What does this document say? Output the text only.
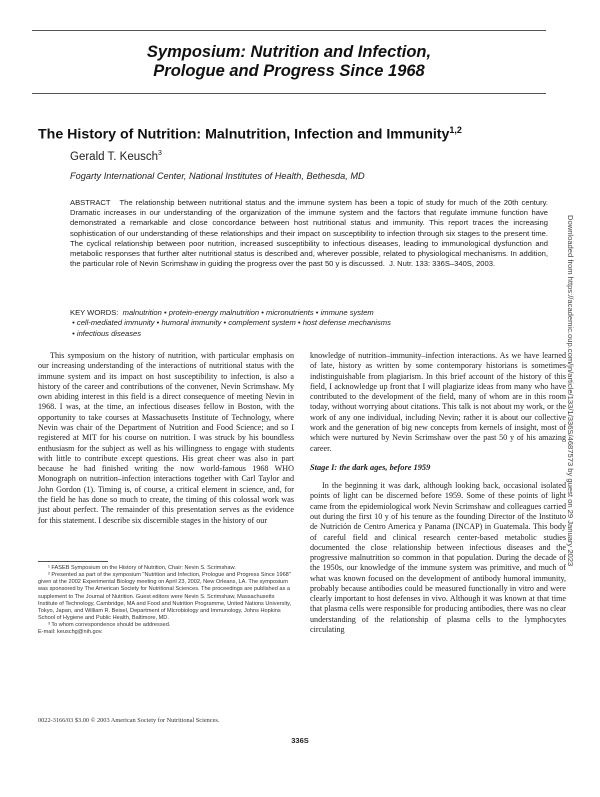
Symposium: Nutrition and Infection,
Prologue and Progress Since 1968
The History of Nutrition: Malnutrition, Infection and Immunity$^{1,2}$
Gerald T. Keusch$^3$
Fogarty International Center, National Institutes of Health, Bethesda, MD
ABSTRACT The relationship between nutritional status and the immune system has been a topic of study for much of the 20th century. Dramatic increases in our understanding of the organization of the immune system and the factors that regulate immune function have demonstrated a remarkable and close concordance between host nutritional status and immunity. This report traces the increasing sophistication of our understanding of these relationships and their impact on susceptibility to infection through six stages to the present time. The cyclical relationship between poor nutrition, increased susceptibility to infectious diseases, leading to immunological dysfunction and metabolic responses that further alter nutritional status is described and, wherever possible, related to physiological mechanisms. In addition, the particular role of Nevin Scrimshaw in guiding the progress over the past 50 y is discussed. J. Nutr. 133: 336S–340S, 2003.
KEY WORDS: malnutrition • protein-energy malnutrition • micronutrients • immune system
• cell-mediated immunity • humoral immunity • complement system • host defense mechanisms
• infectious diseases

This symposium on the history of nutrition, with particular emphasis on our increasing understanding of the interactions of nutritional status with the immune system and its impact on host susceptibility to infection, is also a history of the career and contributions of the convener, Nevin Scrimshaw. My own abiding interest in this field is a direct consequence of meeting Nevin in 1968. I was, at the time, an infectious diseases fellow in Boston, with the opportunity to take courses at Massachusetts Institute of Technology, where Nevin was chair of the Department of Nutrition and Food Science; and so I registered at MIT for his course on nutrition. I was struck by his boundless enthusiasm for the subject as well as his willingness to engage with students with little to contribute except questions. His great cheer was also in part because he had finished writing the now world-famous 1968 WHO Monograph on nutrition–infection interactions together with Carl Taylor and John Gordon (1). Timing is, of course, a critical element in science, and, for the field he has done so much to create, the timing of this colossal work was just about perfect. The remainder of this presentation serves as the evidence for this statement. I describe six discernible stages in the history of our

knowledge of nutrition–immunity–infection interactions. As we have learned of late, history as written by some contemporary historians is sometimes indistinguishable from plagiarism. In this brief account of the history of this field, I acknowledge up front that I will plagiarize ideas from many who have contributed to the development of the field, many of whom are in this room today, without worrying about citations. This talk is not about my work, or the work of any one individual, including Nevin; rather it is about our collective work and the generation of big new concepts from kernels of insight, most of which were nurtured by Nevin Scrimshaw over the past 50 y of his amazing career.

Stage I: the dark ages, before 1959

In the beginning it was dark, although looking back, occasional isolated points of light can be discerned before 1959. Some of these points of light came from the epidemiological work Nevin Scrimshaw and colleagues carried out during the first 10 y of his tenure as the founding Director of the Instituto de Nutrición de Centro America y Panama (INCAP) in Guatemala. This body of careful field and clinical research center-based metabolic studies documented the close relationship between infectious diseases and the progressive malnutrition so common in that population. During the decade of the 1950s, our knowledge of the immune system was primitive, and much of what was known focused on the development of antibody humoral immunity, probably because antibodies could be measured functionally in vitro and were clearly important to host defenses in vivo. Although it was known at that time that plasma cells were responsible for producing antibodies, there was no clear understanding of the relationship of plasma cells to the lymphocytes circulating

¹ FASEB Symposium on the History of Nutrition, Chair: Nevin S. Scrimshaw.

² Presented as part of the symposium "Nutrition and Infection, Prologue and Progress Since 1968" given at the 2002 Experimental Biology meeting on April 23, 2002, New Orleans, LA. The symposium was sponsored by The American Society for Nutritional Sciences. The proceedings are published as a supplement to The Journal of Nutrition. Guest editors were Nevin S. Scrimshaw, Massachusetts Institute of Technology, Cambridge, MA and Food and Nutrition Programme, United Nations University, Tokyo, Japan, and William R. Beisel, Department of Microbiology and Immunology, Johns Hopkins School of Hygiene and Public Health, Baltimore, MD.

³ To whom correspondence should be addressed.

E-mail: keuschg@nih.gov.

0022-3166/03 $3.00 © 2003 American Society for Nutritional Sciences.
336S
Downloaded from https://academic.oup.com/jn/article/133/1/336S/4687573 by guest on 29 January 2023
